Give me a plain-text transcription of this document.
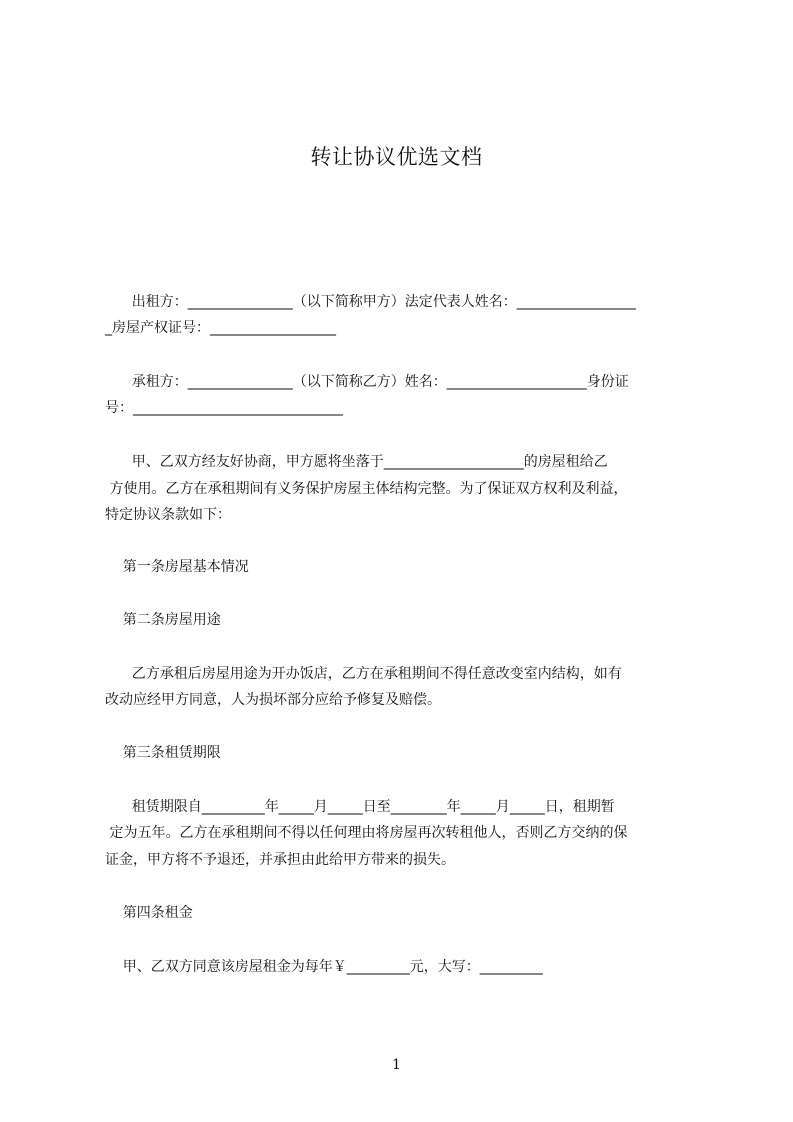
转让协议优选文档
出租方：_______________（以下简称甲方）法定代表人姓名：_________________
_房屋产权证号：__________________
承租方：_______________（以下简称乙方）姓名：____________________身份证
号：______________________________
甲、乙双方经友好协商，甲方愿将坐落于____________________的房屋租给乙
方使用。乙方在承租期间有义务保护房屋主体结构完整。为了保证双方权利及利益，
特定协议条款如下：
第一条房屋基本情况
第二条房屋用途
乙方承租后房屋用途为开办饭店，乙方在承租期间不得任意改变室内结构，如有
改动应经甲方同意，人为损坏部分应给予修复及赔偿。
第三条租赁期限
租赁期限自_________年_____月_____日至________年_____月_____日，租期暂
定为五年。乙方在承租期间不得以任何理由将房屋再次转租他人，否则乙方交纳的保
证金，甲方将不予退还，并承担由此给甲方带来的损失。
第四条租金
甲、乙双方同意该房屋租金为每年￥_________元，大写：_________
1
